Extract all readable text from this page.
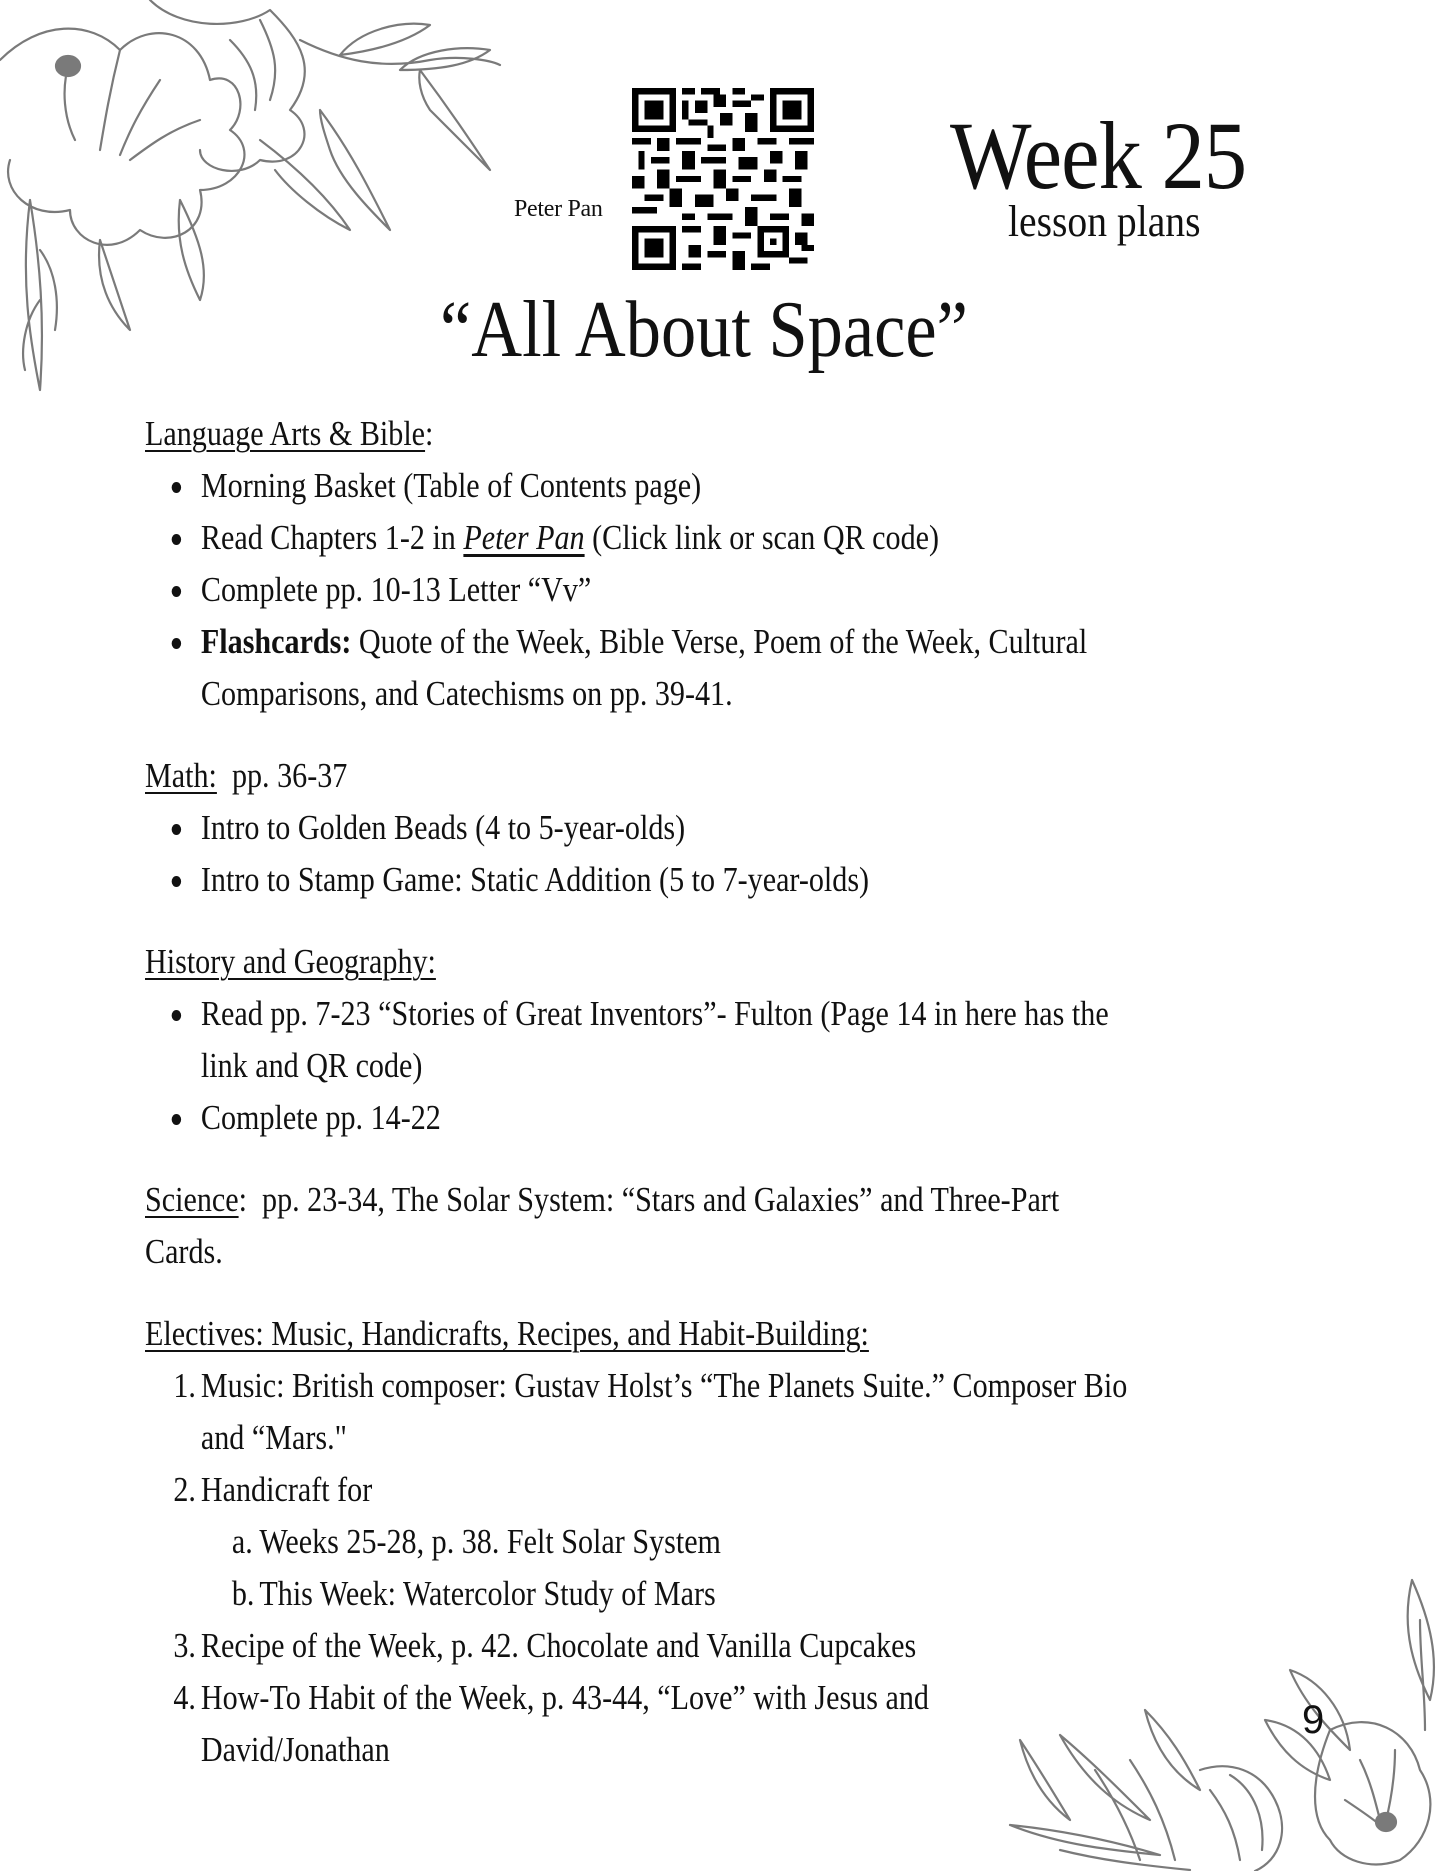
Peter Pan	Week 25
lesson plans
“All About Space”
Language Arts & Bible:
Morning Basket (Table of Contents page)
Read Chapters 1-2 in Peter Pan (Click link or scan QR code)
Complete pp. 10-13 Letter “Vv”
Flashcards: Quote of the Week, Bible Verse, Poem of the Week, Cultural Comparisons, and Catechisms on pp. 39-41.
Math:  pp. 36-37
Intro to Golden Beads (4 to 5-year-olds)
Intro to Stamp Game: Static Addition (5 to 7-year-olds)
History and Geography:
Read pp. 7-23 “Stories of Great Inventors”- Fulton (Page 14 in here has the link and QR code)
Complete pp. 14-22
Science:  pp. 23-34, The Solar System: “Stars and Galaxies” and Three-Part Cards.
Electives: Music, Handicrafts, Recipes, and Habit-Building:
1. Music: British composer: Gustav Holst’s “The Planets Suite.” Composer Bio and “Mars."
2. Handicraft for
a. Weeks 25-28, p. 38. Felt Solar System
b. This Week: Watercolor Study of Mars
3. Recipe of the Week, p. 42. Chocolate and Vanilla Cupcakes
4. How-To Habit of the Week, p. 43-44, “Love” with Jesus and David/Jonathan
9
